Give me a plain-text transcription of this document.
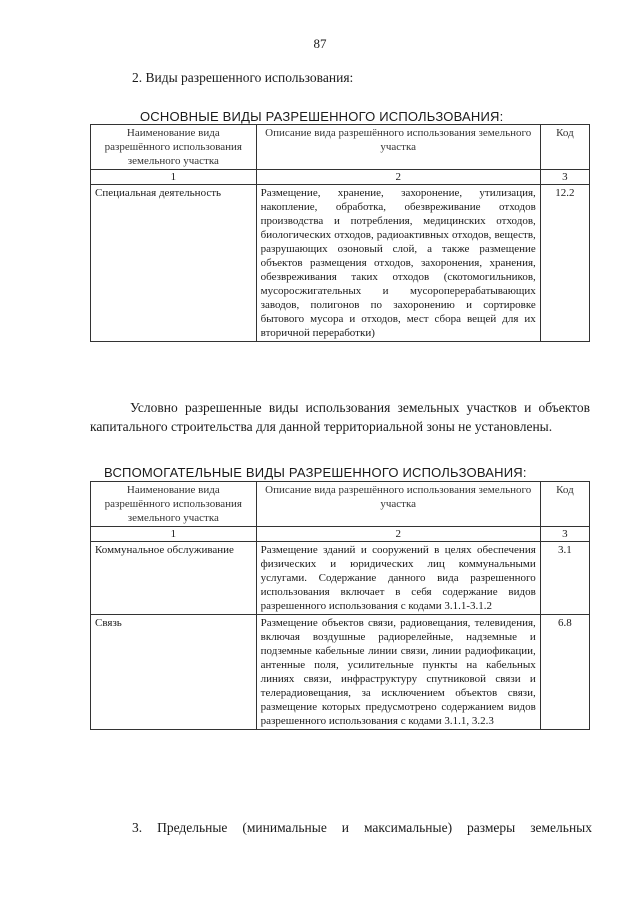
87
2. Виды разрешенного использования:
ОСНОВНЫЕ ВИДЫ РАЗРЕШЕННОГО ИСПОЛЬЗОВАНИЯ:
Наименование вида разрешённого использования земельного участка	Описание вида разрешённого использования земельного участка	Код
1	2	3
Специальная деятельность	Размещение, хранение, захоронение, утилизация, накопление, обработка, обезвреживание отходов производства и потребления, медицинских отходов, биологических отходов, радиоактивных отходов, веществ, разрушающих озоновый слой, а также размещение объектов размещения отходов, захоронения, хранения, обезвреживания таких отходов (скотомогильников, мусоросжигательных и мусороперерабатывающих заводов, полигонов по захоронению и сортировке бытового мусора и отходов, мест сбора вещей для их вторичной переработки)	12.2
Условно разрешенные виды использования земельных участков и объектов капитального строительства для данной территориальной зоны не установлены.
ВСПОМОГАТЕЛЬНЫЕ ВИДЫ РАЗРЕШЕННОГО ИСПОЛЬЗОВАНИЯ:
Наименование вида разрешённого использования земельного участка	Описание вида разрешённого использования земельного участка	Код
1	2	3
Коммунальное обслуживание	Размещение зданий и сооружений в целях обеспечения физических и юридических лиц коммунальными услугами. Содержание данного вида разрешенного использования включает в себя содержание видов разрешенного использования с кодами 3.1.1-3.1.2	3.1
Связь	Размещение объектов связи, радиовещания, телевидения, включая воздушные радиорелейные, надземные и подземные кабельные линии связи, линии радиофикации, антенные поля, усилительные пункты на кабельных линиях связи, инфраструктуру спутниковой связи и телерадиовещания, за исключением объектов связи, размещение которых предусмотрено содержанием видов разрешенного использования с кодами 3.1.1, 3.2.3	6.8
3. Предельные (минимальные и максимальные) размеры земельных
